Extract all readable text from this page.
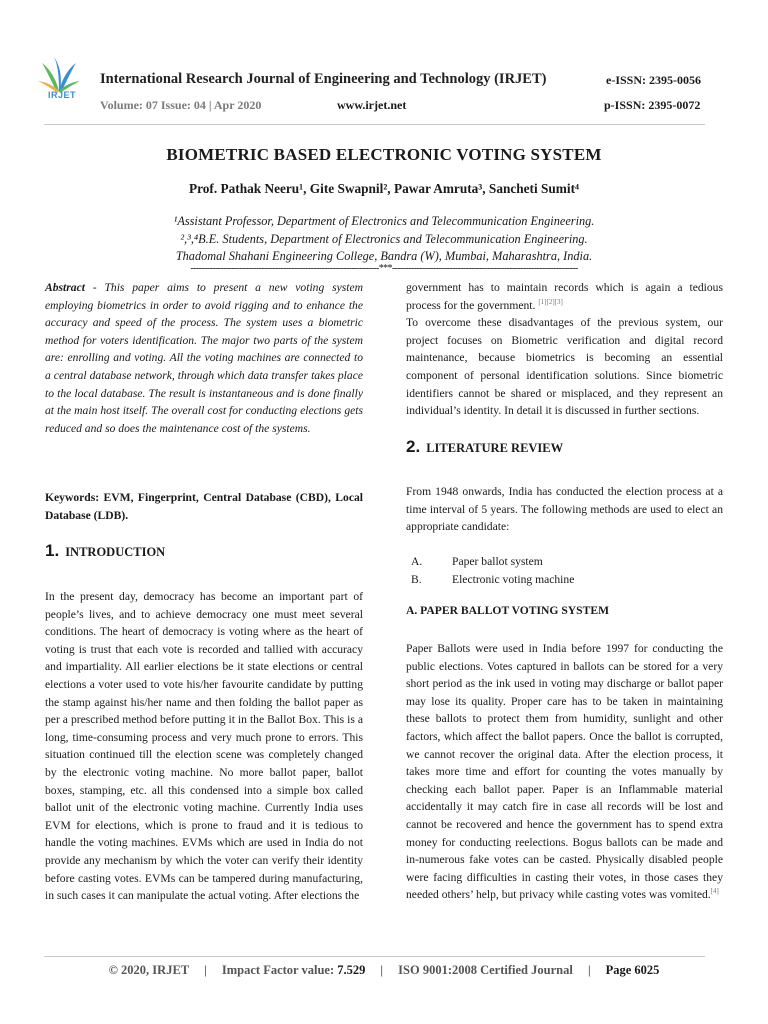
IRJET
International Research Journal of Engineering and Technology (IRJET)	e-ISSN: 2395-0056
Volume: 07 Issue: 04 | Apr 2020	www.irjet.net	p-ISSN: 2395-0072
BIOMETRIC BASED ELECTRONIC VOTING SYSTEM
Prof. Pathak Neeru¹, Gite Swapnil², Pawar Amruta³, Sancheti Sumit⁴
¹Assistant Professor, Department of Electronics and Telecommunication Engineering.
²,³,⁴B.E. Students, Department of Electronics and Telecommunication Engineering.
Thadomal Shahani Engineering College, Bandra (W), Mumbai, Maharashtra, India.
---------------------------------------------------------------------***--------------------------------------------------------------------
Abstract - This paper aims to present a new voting system employing biometrics in order to avoid rigging and to enhance the accuracy and speed of the process. The system uses a biometric method for voters identification. The major two parts of the system are: enrolling and voting. All the voting machines are connected to a central database network, through which data transfer takes place to the local database. The result is instantaneous and is done finally at the main host itself. The overall cost for conducting elections gets reduced and so does the maintenance cost of the systems.
Keywords: EVM, Fingerprint, Central Database (CBD), Local Database (LDB).
1. INTRODUCTION
In the present day, democracy has become an important part of people’s lives, and to achieve democracy one must meet several conditions. The heart of democracy is voting where as the heart of voting is trust that each vote is recorded and tallied with accuracy and impartiality. All earlier elections be it state elections or central elections a voter used to vote his/her favourite candidate by putting the stamp against his/her name and then folding the ballot paper as per a prescribed method before putting it in the Ballot Box. This is a long, time-consuming process and very much prone to errors. This situation continued till the election scene was completely changed by the electronic voting machine. No more ballot paper, ballot boxes, stamping, etc. all this condensed into a simple box called ballot unit of the electronic voting machine. Currently India uses EVM for elections, which is prone to fraud and it is tedious to handle the voting machines. EVMs which are used in India do not provide any mechanism by which the voter can verify their identity before casting votes. EVMs can be tampered during manufacturing, in such cases it can manipulate the actual voting. After elections the

government has to maintain records which is again a tedious process for the government. [1][2][3]

To overcome these disadvantages of the previous system, our project focuses on Biometric verification and digital record maintenance, because biometrics is becoming an essential component of personal identification solutions. Since biometric identifiers cannot be shared or misplaced, and they represent an individual’s identity. In detail it is discussed in further sections.

2. LITERATURE REVIEW
From 1948 onwards, India has conducted the election process at a time interval of 5 years. The following methods are used to elect an appropriate candidate:
A.	Paper ballot system
B.	Electronic voting machine
A. PAPER BALLOT VOTING SYSTEM
Paper Ballots were used in India before 1997 for conducting the public elections. Votes captured in ballots can be stored for a very short period as the ink used in voting may discharge or ballot paper may lose its quality. Proper care has to be taken in maintaining these ballots to protect them from humidity, sunlight and other factors, which affect the ballot papers. Once the ballot is corrupted, we cannot recover the original data. After the election process, it takes more time and effort for counting the votes manually by checking each ballot paper. Paper is an Inflammable material accidentally it may catch fire in case all records will be lost and cannot be recovered and hence the government has to spend extra money for conducting reelections. Bogus ballots can be made and in-numerous fake votes can be casted. Physically disabled people were facing difficulties in casting their votes, in those cases they needed others’ help, but privacy while casting votes was vomited.[4]
© 2020, IRJET | Impact Factor value: 7.529 | ISO 9001:2008 Certified Journal | Page 6025
